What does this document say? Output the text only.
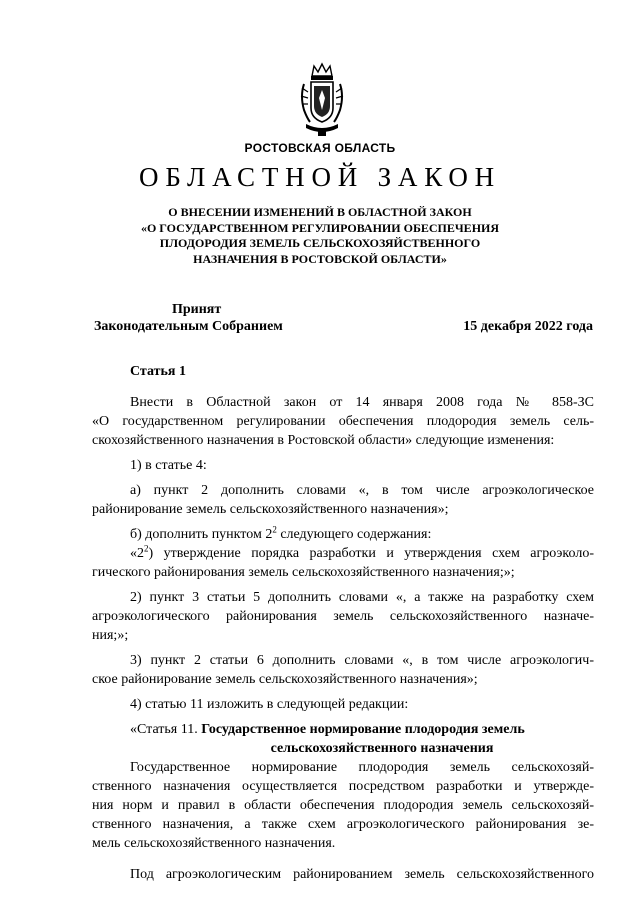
РОСТОВСКАЯ ОБЛАСТЬ
ОБЛАСТНОЙ ЗАКОН
О ВНЕСЕНИИ ИЗМЕНЕНИЙ В ОБЛАСТНОЙ ЗАКОН
«О ГОСУДАРСТВЕННОМ РЕГУЛИРОВАНИИ ОБЕСПЕЧЕНИЯ
ПЛОДОРОДИЯ ЗЕМЕЛЬ СЕЛЬСКОХОЗЯЙСТВЕННОГО
НАЗНАЧЕНИЯ В РОСТОВСКОЙ ОБЛАСТИ»
Принят
Законодательным Собранием	15 декабря 2022 года
Статья 1
Внести в Областной закон от 14 января 2008 года № 858-ЗС
«О государственном регулировании обеспечения плодородия земель сель-
скохозяйственного назначения в Ростовской области» следующие изменения:
1) в статье 4:
а) пункт 2 дополнить словами «, в том числе агроэкологическое
районирование земель сельскохозяйственного назначения»;
б) дополнить пунктом $2^2$ следующего содержания:
«$2^2$) утверждение порядка разработки и утверждения схем агроэколо-
гического районирования земель сельскохозяйственного назначения;»;
2) пункт 3 статьи 5 дополнить словами «, а также на разработку схем
агроэкологического районирования земель сельскохозяйственного назначе-
ния;»;
3) пункт 2 статьи 6 дополнить словами «, в том числе агроэкологич-
ское районирование земель сельскохозяйственного назначения»;
4) статью 11 изложить в следующей редакции:
«Статья 11. Государственное нормирование плодородия земель
сельскохозяйственного назначения
Государственное нормирование плодородия земель сельскохозяй-
ственного назначения осуществляется посредством разработки и утвержде-
ния норм и правил в области обеспечения плодородия земель сельскохозяй-
ственного назначения, а также схем агроэкологического районирования зе-
мель сельскохозяйственного назначения.
Под агроэкологическим районированием земель сельскохозяйственного
